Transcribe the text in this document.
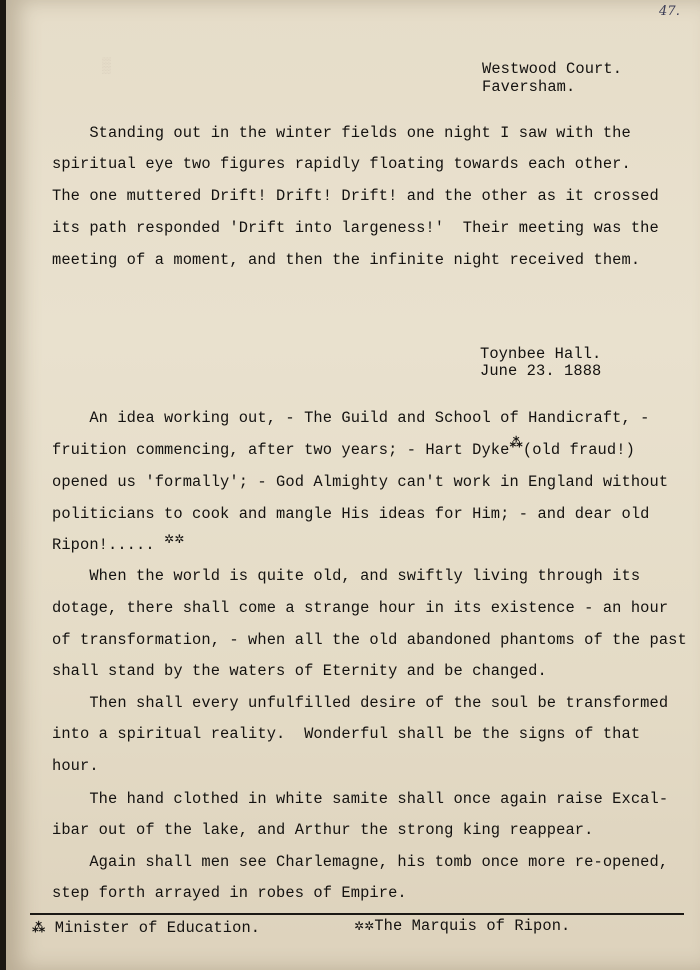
▒
47.
Westwood Court.
Faversham.
Standing out in the winter fields one night I saw with the
spiritual eye two figures rapidly floating towards each other.
The one muttered Drift! Drift! Drift! and the other as it crossed
its path responded 'Drift into largeness!'  Their meeting was the
meeting of a moment, and then the infinite night received them.
Toynbee Hall.
June 23. 1888
An idea working out, - The Guild and School of Handicraft, -
fruition commencing, after two years; - Hart Dyke⁂(old fraud!)
opened us 'formally'; - God Almighty can't work in England without
politicians to cook and mangle His ideas for Him; - and dear old
Ripon!..... ✲✲
When the world is quite old, and swiftly living through its
dotage, there shall come a strange hour in its existence - an hour
of transformation, - when all the old abandoned phantoms of the past
shall stand by the waters of Eternity and be changed.
Then shall every unfulfilled desire of the soul be transformed
into a spiritual reality.  Wonderful shall be the signs of that
hour.
The hand clothed in white samite shall once again raise Excal-
ibar out of the lake, and Arthur the strong king reappear.
Again shall men see Charlemagne, his tomb once more re-opened,
step forth arrayed in robes of Empire.
⁂ Minister of Education.	✲✲The Marquis of Ripon.
